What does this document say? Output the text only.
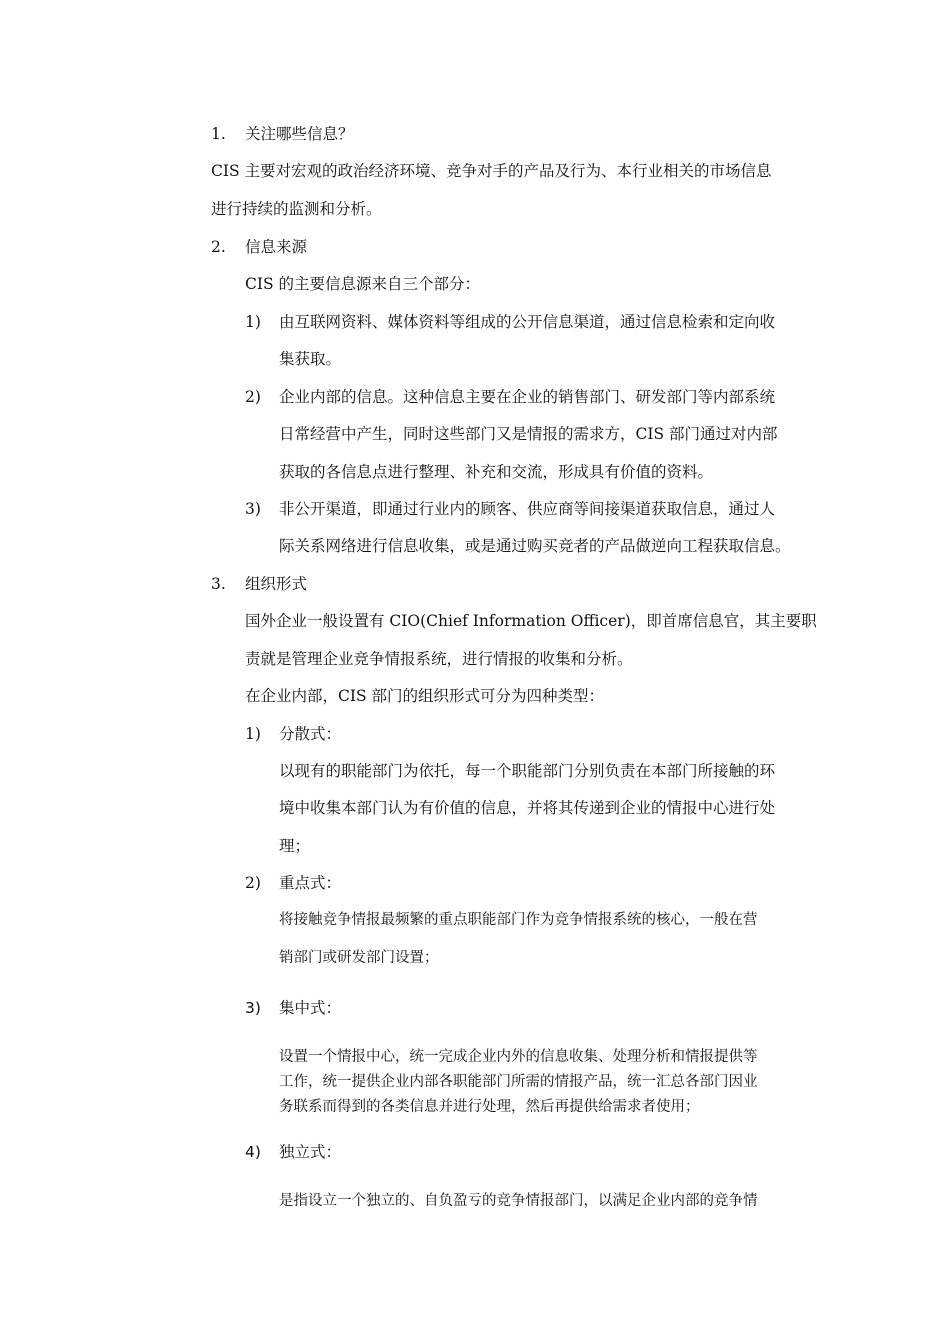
1. 关注哪些信息？
CIS 主要对宏观的政治经济环境、竞争对手的产品及行为、本行业相关的市场信息
进行持续的监测和分析。
2. 信息来源
CIS 的主要信息源来自三个部分：
1) 由互联网资料、媒体资料等组成的公开信息渠道，通过信息检索和定向收
集获取。
2) 企业内部的信息。这种信息主要在企业的销售部门、研发部门等内部系统
日常经营中产生，同时这些部门又是情报的需求方，CIS 部门通过对内部
获取的各信息点进行整理、补充和交流，形成具有价值的资料。
3) 非公开渠道，即通过行业内的顾客、供应商等间接渠道获取信息，通过人
际关系网络进行信息收集，或是通过购买竞者的产品做逆向工程获取信息。
3. 组织形式
国外企业一般设置有 CIO(Chief Information Officer)，即首席信息官，其主要职
责就是管理企业竞争情报系统，进行情报的收集和分析。
在企业内部，CIS 部门的组织形式可分为四种类型：
1) 分散式：
以现有的职能部门为依托，每一个职能部门分别负责在本部门所接触的环
境中收集本部门认为有价值的信息，并将其传递到企业的情报中心进行处
理；
2) 重点式：
将接触竞争情报最频繁的重点职能部门作为竞争情报系统的核心，一般在营
销部门或研发部门设置；
3) 集中式：
设置一个情报中心，统一完成企业内外的信息收集、处理分析和情报提供等
工作，统一提供企业内部各职能部门所需的情报产品，统一汇总各部门因业
务联系而得到的各类信息并进行处理，然后再提供给需求者使用；
4) 独立式：
是指设立一个独立的、自负盈亏的竞争情报部门，以满足企业内部的竞争情
